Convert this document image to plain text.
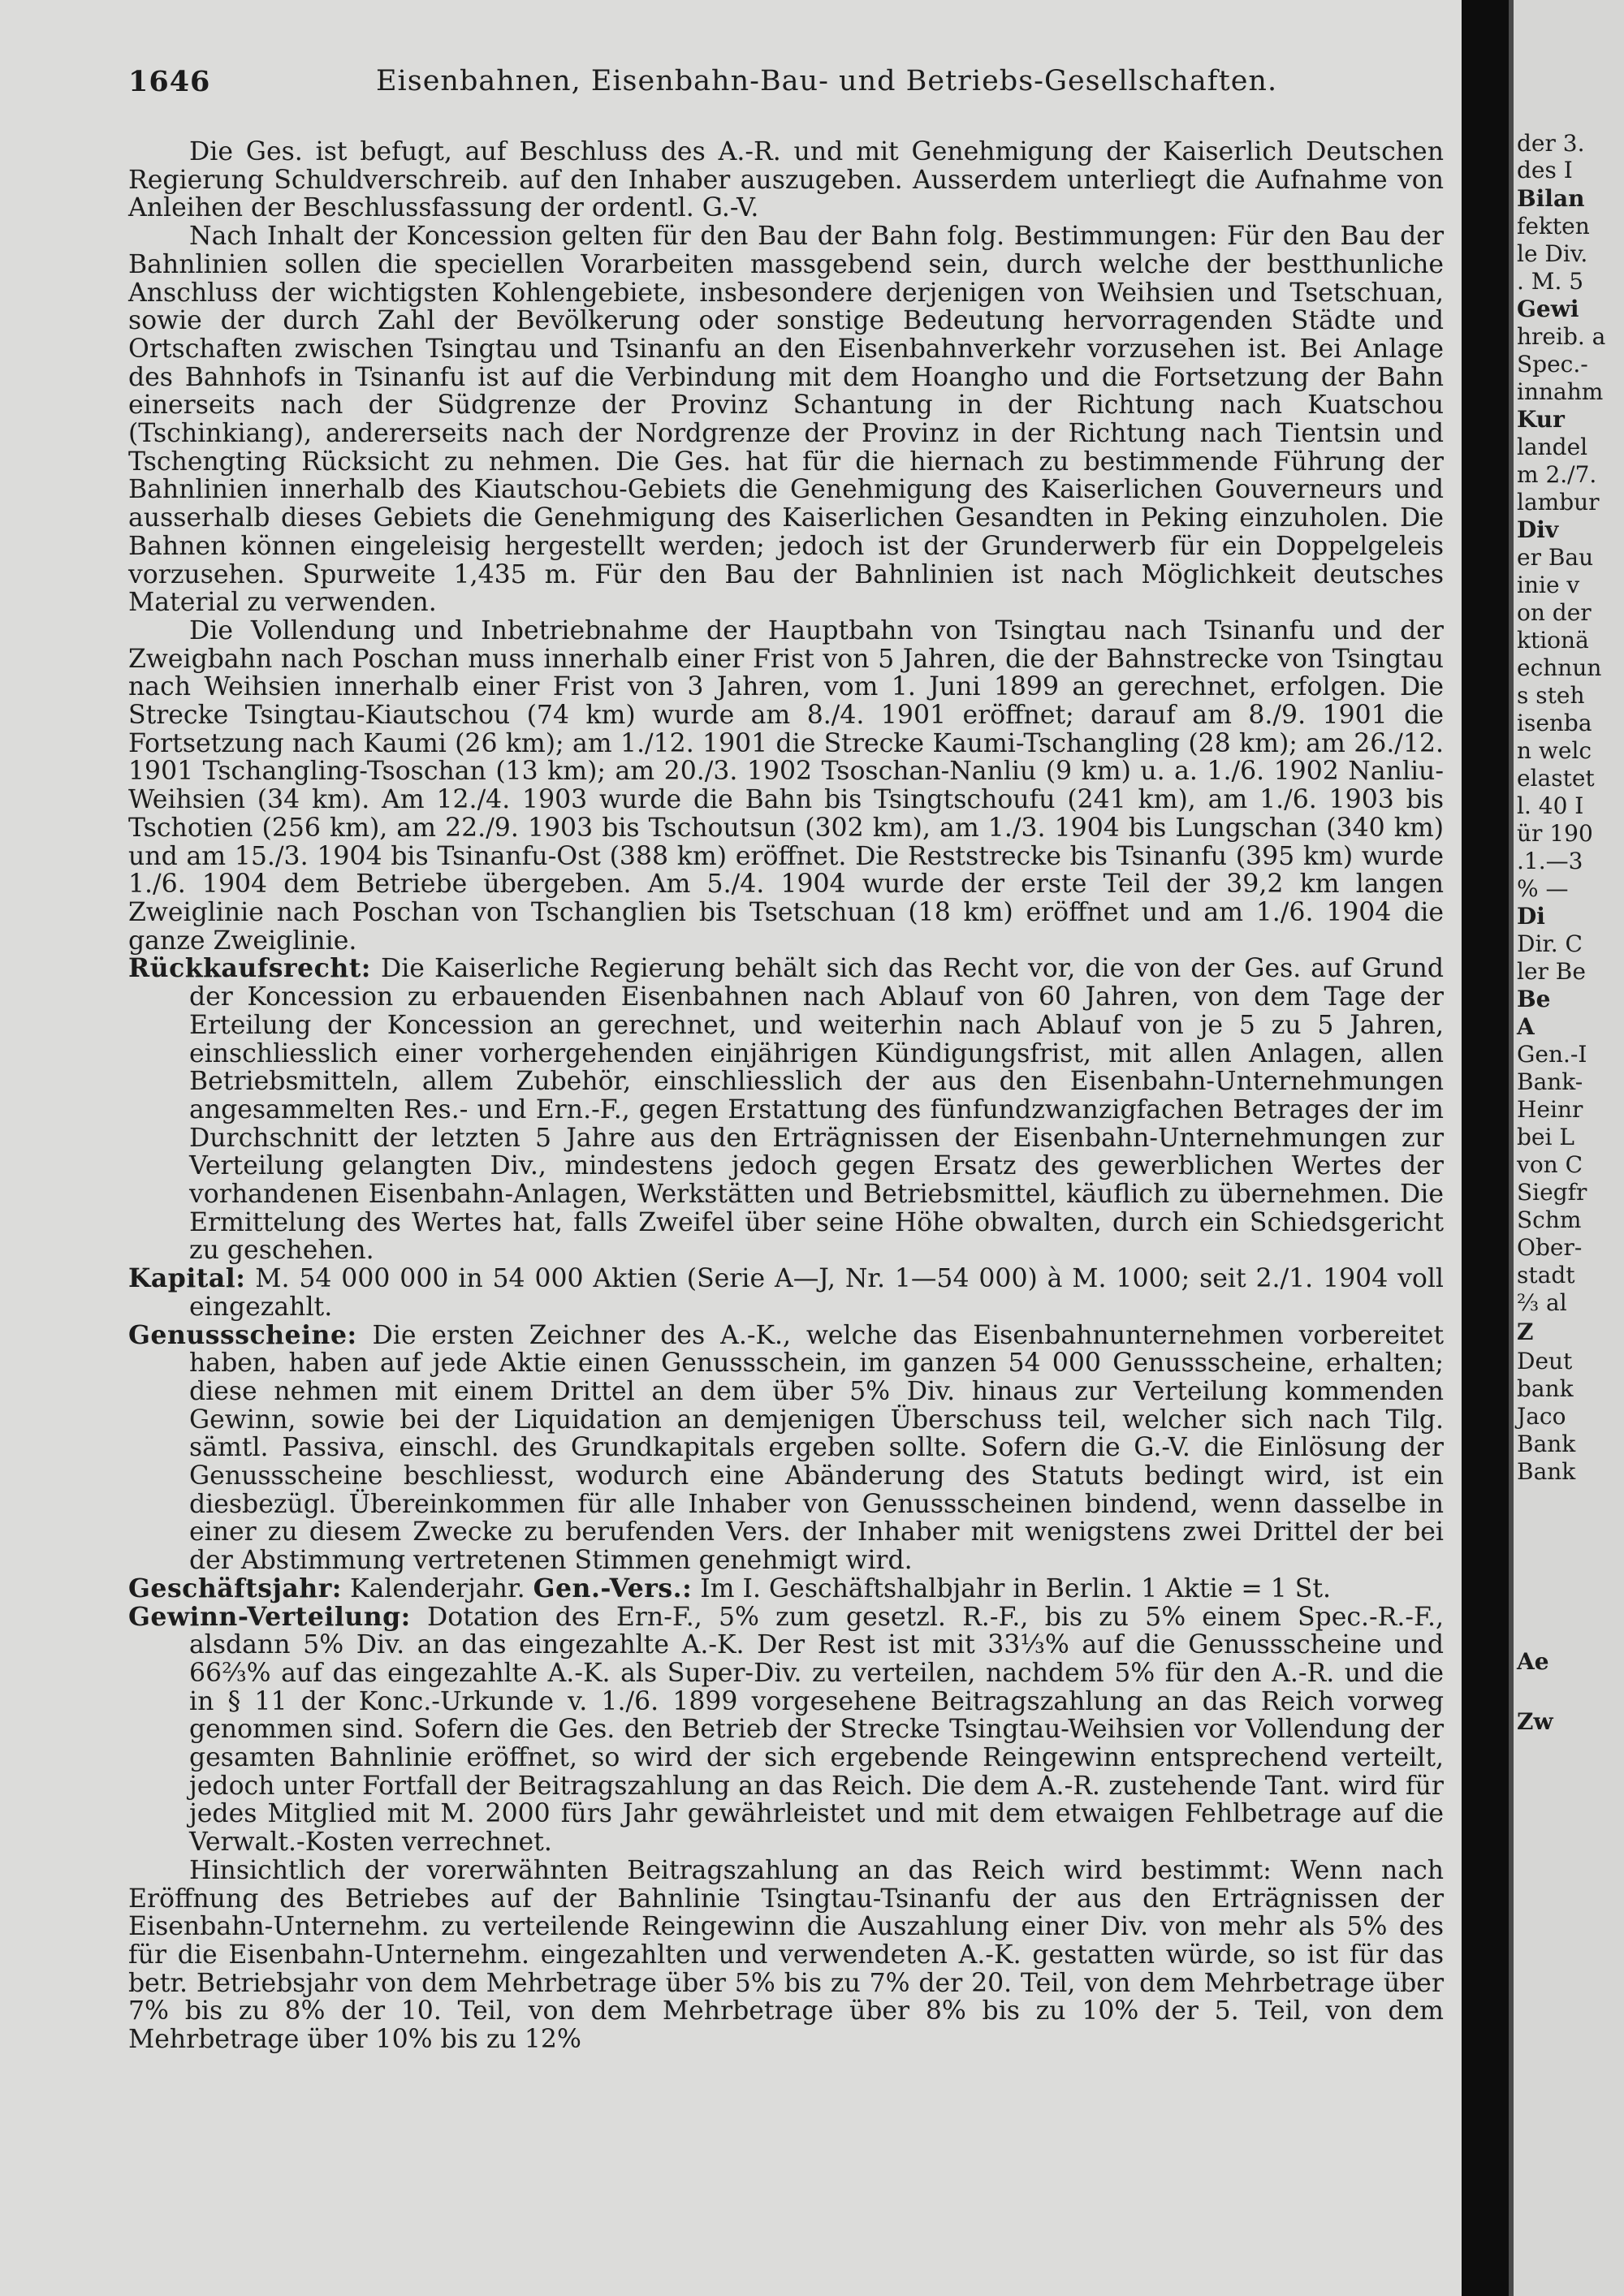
1646	Eisenbahnen, Eisenbahn-Bau- und Betriebs-Gesellschaften.

Die Ges. ist befugt, auf Beschluss des A.-R. und mit Genehmigung der Kaiserlich Deutschen Regierung Schuldverschreib. auf den Inhaber auszugeben. Ausserdem unterliegt die Aufnahme von Anleihen der Beschlussfassung der ordentl. G.-V.

Nach Inhalt der Koncession gelten für den Bau der Bahn folg. Bestimmungen: Für den Bau der Bahnlinien sollen die speciellen Vorarbeiten massgebend sein, durch welche der bestthunliche Anschluss der wichtigsten Kohlengebiete, insbesondere derjenigen von Weihsien und Tsetschuan, sowie der durch Zahl der Bevölkerung oder sonstige Bedeutung hervorragenden Städte und Ortschaften zwischen Tsingtau und Tsinanfu an den Eisenbahnverkehr vorzusehen ist. Bei Anlage des Bahnhofs in Tsinanfu ist auf die Verbindung mit dem Hoangho und die Fortsetzung der Bahn einerseits nach der Südgrenze der Provinz Schantung in der Richtung nach Kuatschou (Tschinkiang), andererseits nach der Nordgrenze der Provinz in der Richtung nach Tientsin und Tschengting Rücksicht zu nehmen. Die Ges. hat für die hiernach zu bestimmende Führung der Bahnlinien innerhalb des Kiautschou-Gebiets die Genehmigung des Kaiserlichen Gouverneurs und ausserhalb dieses Gebiets die Genehmigung des Kaiserlichen Gesandten in Peking einzuholen. Die Bahnen können eingeleisig hergestellt werden; jedoch ist der Grunderwerb für ein Doppelgeleis vorzusehen. Spurweite 1,435 m. Für den Bau der Bahnlinien ist nach Möglichkeit deutsches Material zu verwenden.

Die Vollendung und Inbetriebnahme der Hauptbahn von Tsingtau nach Tsinanfu und der Zweigbahn nach Poschan muss innerhalb einer Frist von 5 Jahren, die der Bahnstrecke von Tsingtau nach Weihsien innerhalb einer Frist von 3 Jahren, vom 1. Juni 1899 an gerechnet, erfolgen. Die Strecke Tsingtau-Kiautschou (74 km) wurde am 8./4. 1901 eröffnet; darauf am 8./9. 1901 die Fortsetzung nach Kaumi (26 km); am 1./12. 1901 die Strecke Kaumi-Tschangling (28 km); am 26./12. 1901 Tschangling-Tsoschan (13 km); am 20./3. 1902 Tsoschan-Nanliu (9 km) u. a. 1./6. 1902 Nanliu-Weihsien (34 km). Am 12./4. 1903 wurde die Bahn bis Tsingtschoufu (241 km), am 1./6. 1903 bis Tschotien (256 km), am 22./9. 1903 bis Tschoutsun (302 km), am 1./3. 1904 bis Lungschan (340 km) und am 15./3. 1904 bis Tsinanfu-Ost (388 km) eröffnet. Die Reststrecke bis Tsinanfu (395 km) wurde 1./6. 1904 dem Betriebe übergeben. Am 5./4. 1904 wurde der erste Teil der 39,2 km langen Zweiglinie nach Poschan von Tschanglien bis Tsetschuan (18 km) eröffnet und am 1./6. 1904 die ganze Zweiglinie.

Rückkaufsrecht: Die Kaiserliche Regierung behält sich das Recht vor, die von der Ges. auf Grund der Koncession zu erbauenden Eisenbahnen nach Ablauf von 60 Jahren, von dem Tage der Erteilung der Koncession an gerechnet, und weiterhin nach Ablauf von je 5 zu 5 Jahren, einschliesslich einer vorhergehenden einjährigen Kündigungsfrist, mit allen Anlagen, allen Betriebsmitteln, allem Zubehör, einschliesslich der aus den Eisenbahn-Unternehmungen angesammelten Res.- und Ern.-F., gegen Erstattung des fünfundzwanzigfachen Betrages der im Durchschnitt der letzten 5 Jahre aus den Erträgnissen der Eisenbahn-Unternehmungen zur Verteilung gelangten Div., mindestens jedoch gegen Ersatz des gewerblichen Wertes der vorhandenen Eisenbahn-Anlagen, Werkstätten und Betriebsmittel, käuflich zu übernehmen. Die Ermittelung des Wertes hat, falls Zweifel über seine Höhe obwalten, durch ein Schiedsgericht zu geschehen.

Kapital: M. 54 000 000 in 54 000 Aktien (Serie A—J, Nr. 1—54 000) à M. 1000; seit 2./1. 1904 voll eingezahlt.

Genussscheine: Die ersten Zeichner des A.-K., welche das Eisenbahnunternehmen vorbereitet haben, haben auf jede Aktie einen Genussschein, im ganzen 54 000 Genussscheine, erhalten; diese nehmen mit einem Drittel an dem über 5% Div. hinaus zur Verteilung kommenden Gewinn, sowie bei der Liquidation an demjenigen Überschuss teil, welcher sich nach Tilg. sämtl. Passiva, einschl. des Grundkapitals ergeben sollte. Sofern die G.-V. die Einlösung der Genussscheine beschliesst, wodurch eine Abänderung des Statuts bedingt wird, ist ein diesbezügl. Übereinkommen für alle Inhaber von Genussscheinen bindend, wenn dasselbe in einer zu diesem Zwecke zu berufenden Vers. der Inhaber mit wenigstens zwei Drittel der bei der Abstimmung vertretenen Stimmen genehmigt wird.

Geschäftsjahr: Kalenderjahr. Gen.-Vers.: Im I. Geschäftshalbjahr in Berlin. 1 Aktie = 1 St.

Gewinn-Verteilung: Dotation des Ern-F., 5% zum gesetzl. R.-F., bis zu 5% einem Spec.-R.-F., alsdann 5% Div. an das eingezahlte A.-K. Der Rest ist mit 33⅓% auf die Genussscheine und 66⅔% auf das eingezahlte A.-K. als Super-Div. zu verteilen, nachdem 5% für den A.-R. und die in § 11 der Konc.-Urkunde v. 1./6. 1899 vorgesehene Beitragszahlung an das Reich vorweg genommen sind. Sofern die Ges. den Betrieb der Strecke Tsingtau-Weihsien vor Vollendung der gesamten Bahnlinie eröffnet, so wird der sich ergebende Reingewinn entsprechend verteilt, jedoch unter Fortfall der Beitragszahlung an das Reich. Die dem A.-R. zustehende Tant. wird für jedes Mitglied mit M. 2000 fürs Jahr gewährleistet und mit dem etwaigen Fehlbetrage auf die Verwalt.-Kosten verrechnet.

Hinsichtlich der vorerwähnten Beitragszahlung an das Reich wird bestimmt: Wenn nach Eröffnung des Betriebes auf der Bahnlinie Tsingtau-Tsinanfu der aus den Erträgnissen der Eisenbahn-Unternehm. zu verteilende Reingewinn die Auszahlung einer Div. von mehr als 5% des für die Eisenbahn-Unternehm. eingezahlten und verwendeten A.-K. gestatten würde, so ist für das betr. Betriebsjahr von dem Mehrbetrage über 5% bis zu 7% der 20. Teil, von dem Mehrbetrage über 7% bis zu 8% der 10. Teil, von dem Mehrbetrage über 8% bis zu 10% der 5. Teil, von dem Mehrbetrage über 10% bis zu 12%

der 3.
des I
Bilan
fekten
le Div.
. M. 5
Gewi
hreib. a
Spec.-
innahm
Kur
landel
m 2./7.
lambur
Div
er Bau
inie v
on der
ktionä
echnun
s steh
isenba
n welc
elastet
l. 40 I
ür 190
.1.—3
% —
Di
Dir. C
ler Be
Be
A
Gen.-I
Bank-
Heinr
bei L
von C
Siegfr
Schm
Ober-
stadt
⅔ al
Z
Deut
bank
Jaco
Bank
Bank
Ae
Zw
